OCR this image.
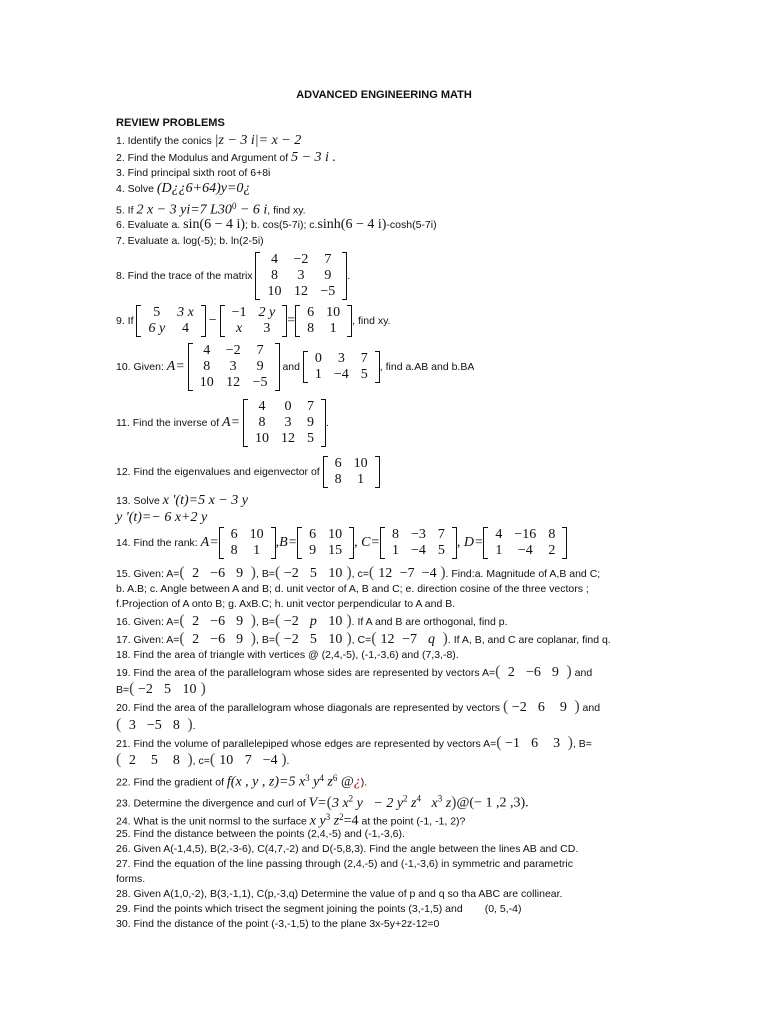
ADVANCED ENGINEERING MATH
REVIEW PROBLEMS
1. Identify the conics |z − 3 i|= x − 2
2. Find the Modulus and Argument of 5 − 3 i .
3. Find principal sixth root of 6+8i
4. Solve (D¿¿6+64)y=0¿
5. If 2 x − 3 yi=7 $L30^0 - 6$ i, find xy.
6. Evaluate a. sin(6 − 4 i); b. cos(5-7i); c.sinh(6 − 4 i)-cosh(5-7i)
7. Evaluate a. log(-5); b. ln(2-5i)
8. Find the trace of the matrix
4	−2	7
8	3	9
10	12	−5
.
9. If
5	3 x
6 y	4
−
−1	2 y
x	3
=
6	10
8	1 , find xy.
10. Given: A=
4	−2	7
8	3	9
10	12	−5
and
0	3	7
1	−4	5 , find a.AB and b.BA
11. Find the inverse of A=
4	0	7
8	3	9
10	12	5
.
12. Find the eigenvalues and eigenvector of
6	10
8	1
13. Solve x '(t)=5 x − 3 y
y '(t)=− 6 x+2 y
14. Find the rank: A=
6	10
8	1
,B=
6	10
9	15
, C=
8	−3	7
1	−4	5
, D=
4	−16	8
1	−4	2
15. Given: A=( 2 −6 9 ), B=( −2 5 10 ), c=( 12 −7 −4 ). Find:a. Magnitude of A,B and C;
b. A.B; c. Angle between A and B; d. unit vector of A, B and C; e. direction cosine of the three vectors ;
f.Projection of A onto B; g. AxB.C; h. unit vector perpendicular to A and B.
16. Given: A=( 2 −6 9 ), B=( −2 p 10 ). If A and B are orthogonal, find p.
17. Given: A=( 2 −6 9 ), B=( −2 5 10 ), C=( 12 −7 q ). If A, B, and C are coplanar, find q.
18. Find the area of triangle with vertices @ (2,4,-5), (-1,-3,6) and (7,3,-8).
19. Find the area of the parallelogram whose sides are represented by vectors A=( 2 −6 9 ) and
B=( −2 5 10 )
20. Find the area of the parallelogram whose diagonals are represented by vectors ( −2 6 9 ) and
( 3 −5 8 ).
21. Find the volume of parallelepiped whose edges are represented by vectors A=( −1 6 3 ), B=
( 2 5 8 ), c=( 10 7 −4 ).
22. Find the gradient of f(x , y , z)=5 $x^3$ $y^4$ $z^6$ @¿).
23. Determine the divergence and curl of V=(3 $x^2$ y − 2 $y^2$ $z^4$ $x^3$ z)@(− 1 ,2 ,3).
24. What is the unit normsl to the surface x $y^3$ $z^2=4$ at the point (-1, -1, 2)?
25. Find the distance between the points (2,4,-5) and (-1,-3,6).
26. Given A(-1,4,5), B(2,-3-6), C(4,7,-2) and D(-5,8,3). Find the angle between the lines AB and CD.
27. Find the equation of the line passing through (2,4,-5) and (-1,-3,6) in symmetric and parametric
forms.
28. Given A(1,0,-2), B(3,-1,1), C(p,-3,q) Determine the value of p and q so tha ABC are collinear.
29. Find the points which trisect the segment joining the points (3,-1,5) and (0, 5,-4)
30. Find the distance of the point (-3,-1,5) to the plane 3x-5y+2z-12=0
